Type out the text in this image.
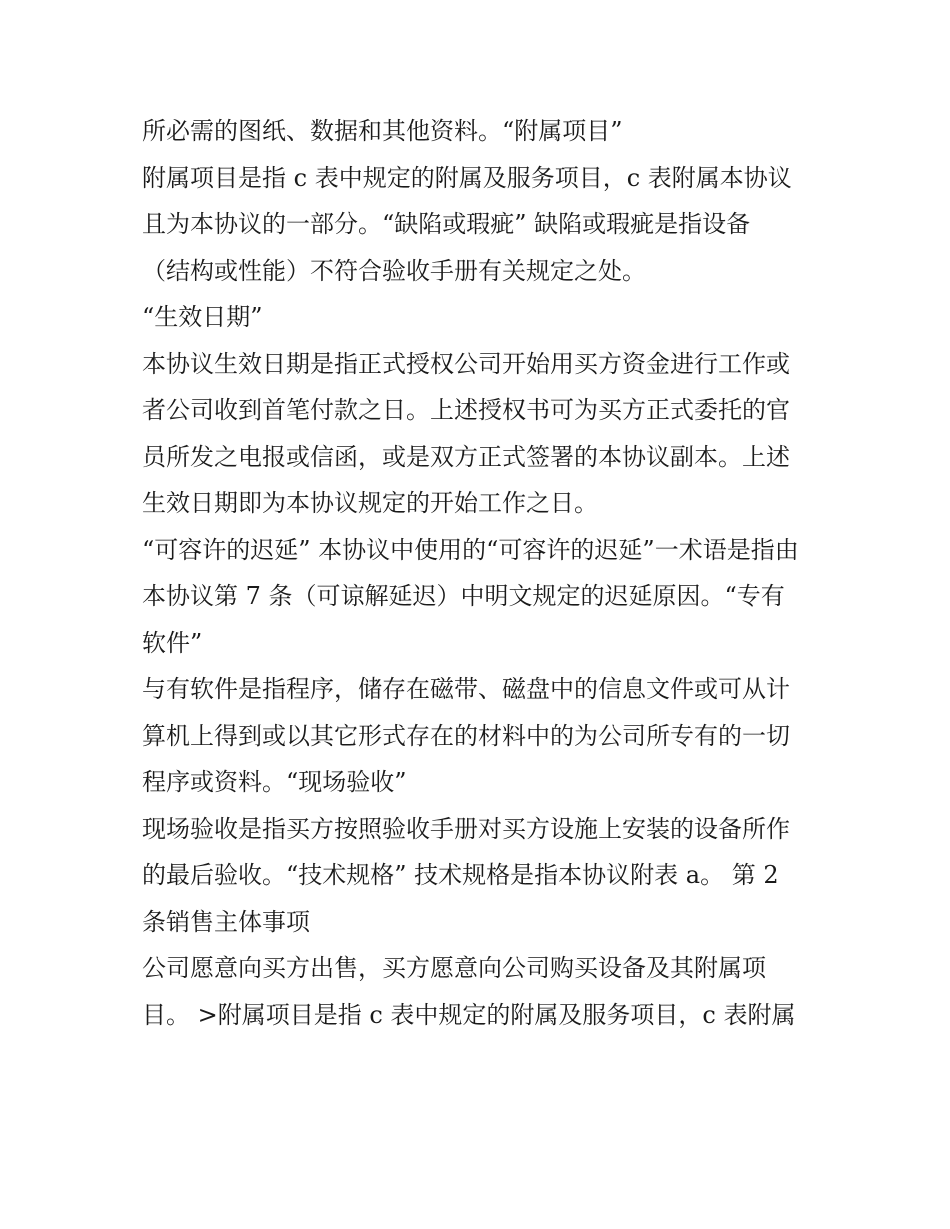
所必需的图纸、数据和其他资料。“附属项目”
附属项目是指 c 表中规定的附属及服务项目，c 表附属本协议
且为本协议的一部分。“缺陷或瑕疵” 缺陷或瑕疵是指设备
（结构或性能）不符合验收手册有关规定之处。
“生效日期”
本协议生效日期是指正式授权公司开始用买方资金进行工作或
者公司收到首笔付款之日。上述授权书可为买方正式委托的官
员所发之电报或信函，或是双方正式签署的本协议副本。上述
生效日期即为本协议规定的开始工作之日。
“可容许的迟延” 本协议中使用的“可容许的迟延”一术语是指由
本协议第 7 条（可谅解延迟）中明文规定的迟延原因。“专有
软件”
与有软件是指程序，储存在磁带、磁盘中的信息文件或可从计
算机上得到或以其它形式存在的材料中的为公司所专有的一切
程序或资料。“现场验收”
现场验收是指买方按照验收手册对买方设施上安装的设备所作
的最后验收。“技术规格” 技术规格是指本协议附表 a。 第 2
条销售主体事项
公司愿意向买方出售，买方愿意向公司购买设备及其附属项
目。 >附属项目是指 c 表中规定的附属及服务项目，c 表附属
